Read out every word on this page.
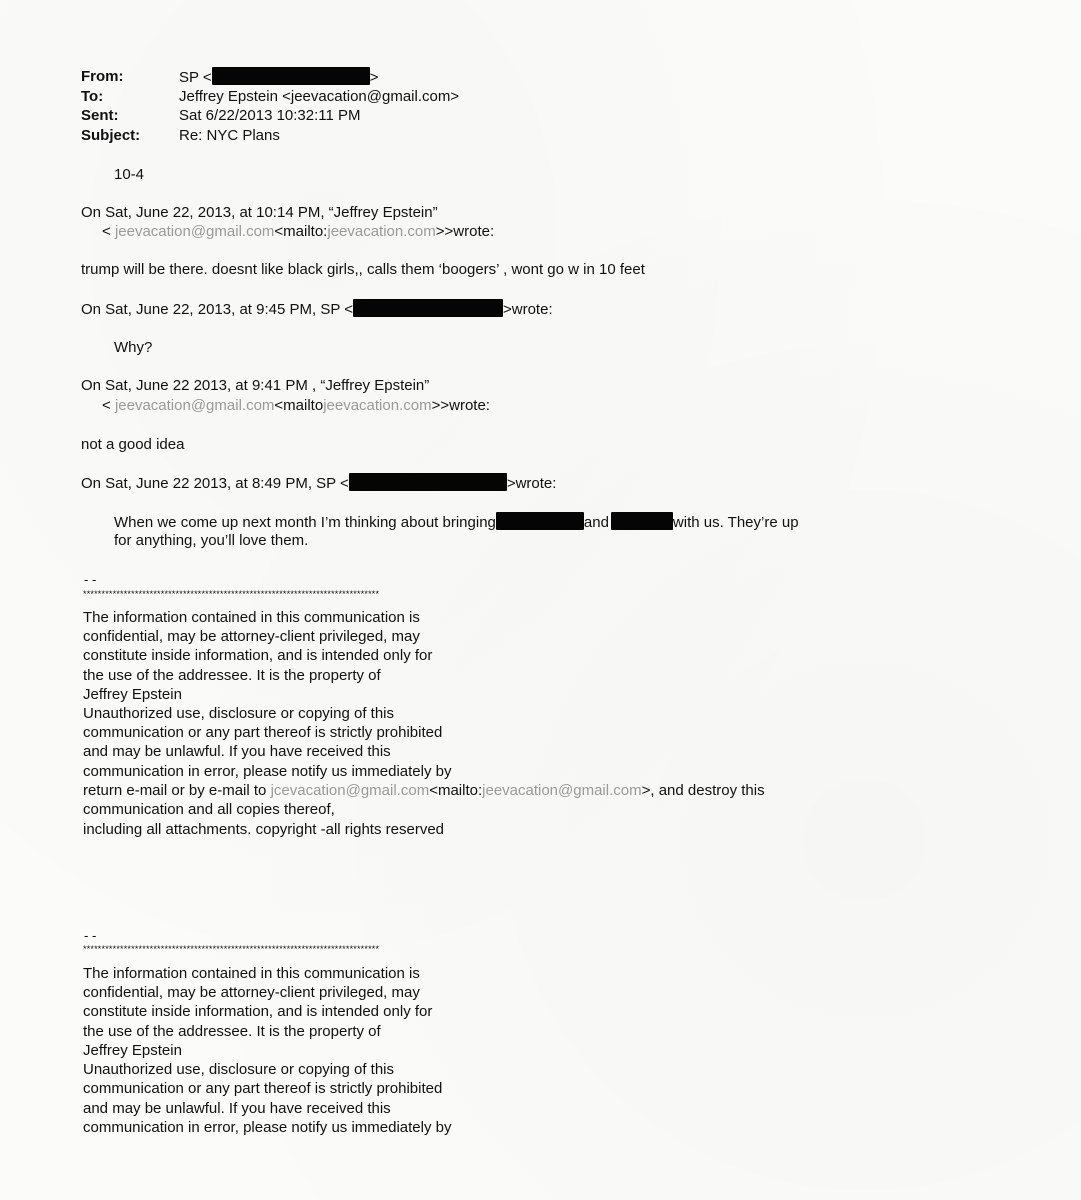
From:	SP <	>
To:	Jeffrey Epstein <jeevacation@gmail.com>
Sent:	Sat 6/22/2013 10:32:11 PM
Subject:	Re: NYC Plans
10-4
On Sat, June 22, 2013, at 10:14 PM, “Jeffrey Epstein”
< jeevacation@gmail.com<mailto:jeevacation.com>>wrote:
trump will be there. doesnt like black girls,, calls them ‘boogers’ , wont go w in 10 feet
On Sat, June 22, 2013, at 9:45 PM, SP <	>wrote:
Why?
On Sat, June 22 2013, at 9:41 PM , “Jeffrey Epstein”
< jeevacation@gmail.com<mailtojeevacation.com>>wrote:
not a good idea
On Sat, June 22 2013, at 8:49 PM, SP <	>wrote:
When we come up next month I’m thinking about bringing	and	with us. They’re up
for anything, you’ll love them.
- -
********************************************************************************
The information contained in this communication is
confidential, may be attorney-client privileged, may
constitute inside information, and is intended only for
the use of the addressee. It is the property of
Jeffrey Epstein
Unauthorized use, disclosure or copying of this
communication or any part thereof is strictly prohibited
and may be unlawful. If you have received this
communication in error, please notify us immediately by
return e-mail or by e-mail to jcevacation@gmail.com<mailto:jeevacation@gmail.com>, and destroy this
communication and all copies thereof,
including all attachments. copyright -all rights reserved
- -
********************************************************************************
The information contained in this communication is
confidential, may be attorney-client privileged, may
constitute inside information, and is intended only for
the use of the addressee. It is the property of
Jeffrey Epstein
Unauthorized use, disclosure or copying of this
communication or any part thereof is strictly prohibited
and may be unlawful. If you have received this
communication in error, please notify us immediately by
